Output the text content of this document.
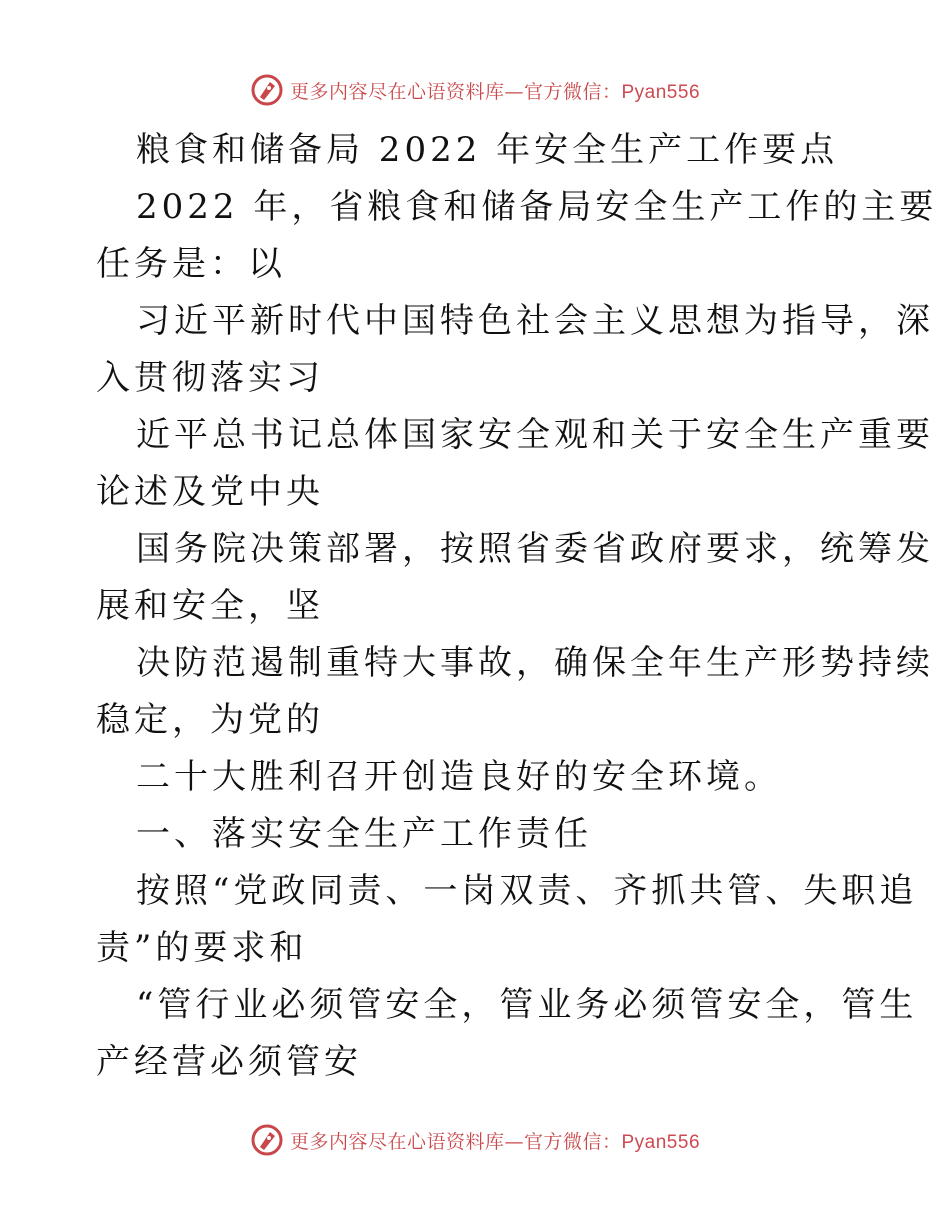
更多内容尽在心语资料库—官方微信：Pyan556
粮食和储备局 2022 年安全生产工作要点
2022 年，省粮食和储备局安全生产工作的主要
任务是：以
习近平新时代中国特色社会主义思想为指导，深
入贯彻落实习
近平总书记总体国家安全观和关于安全生产重要
论述及党中央
国务院决策部署，按照省委省政府要求，统筹发
展和安全，坚
决防范遏制重特大事故，确保全年生产形势持续
稳定，为党的
二十大胜利召开创造良好的安全环境。
一、落实安全生产工作责任
按照“党政同责、一岗双责、齐抓共管、失职追
责”的要求和
“管行业必须管安全，管业务必须管安全，管生
产经营必须管安
更多内容尽在心语资料库—官方微信：Pyan556
